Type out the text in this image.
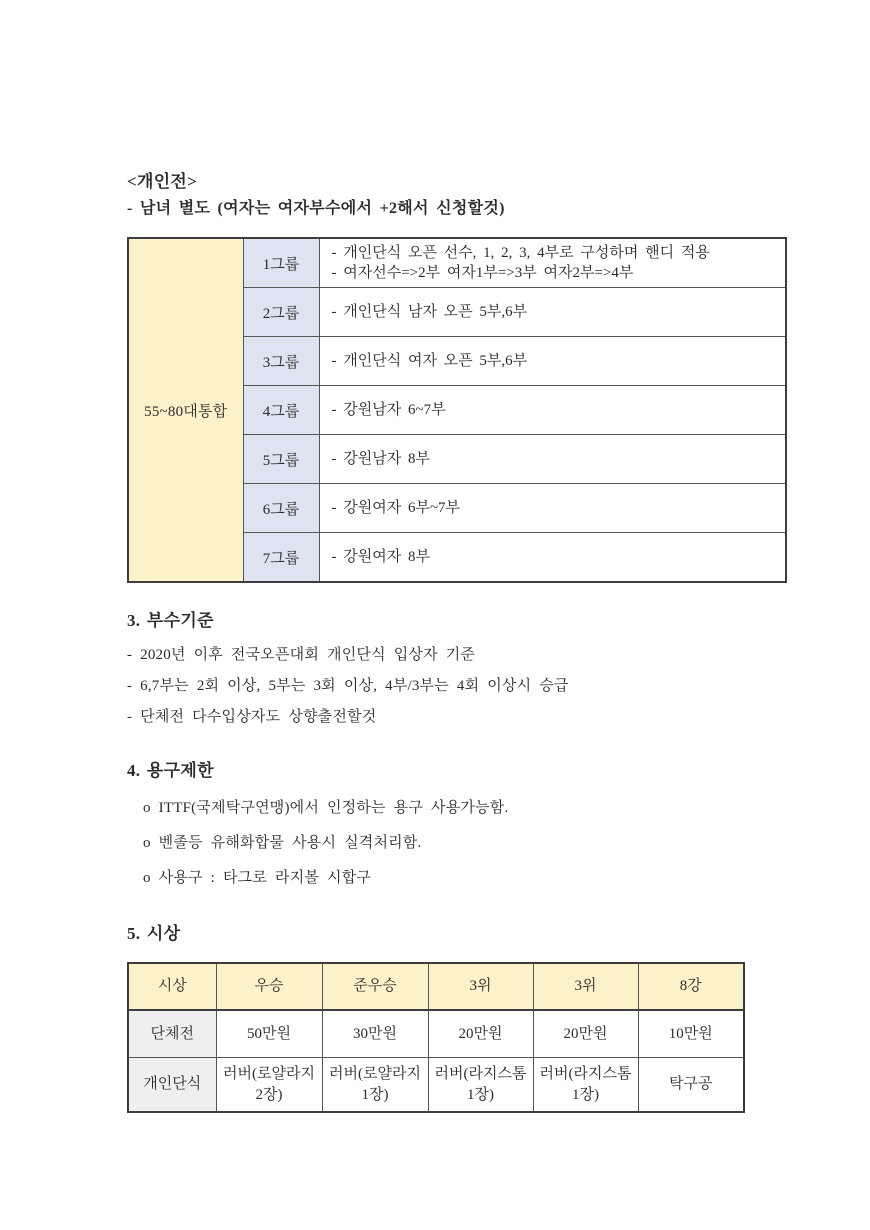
<개인전>
- 남녀 별도 (여자는 여자부수에서 +2해서 신청할것)
55~80대통합	1그룹	- 개인단식 오픈 선수, 1, 2, 3, 4부로 구성하며 핸디 적용
- 여자선수=>2부 여자1부=>3부 여자2부=>4부

	2그룹	- 개인단식 남자 오픈 5부,6부
	3그룹	- 개인단식 여자 오픈 5부,6부
	4그룹	- 강원남자 6~7부
	5그룹	- 강원남자 8부
	6그룹	- 강원여자 6부~7부
	7그룹	- 강원여자 8부
3. 부수기준
- 2020년 이후 전국오픈대회 개인단식 입상자 기준
- 6,7부는 2회 이상, 5부는 3회 이상, 4부/3부는 4회 이상시 승급
- 단체전 다수입상자도 상향출전할것
4. 용구제한
o ITTF(국제탁구연맹)에서 인정하는 용구 사용가능함.
o 벤졸등 유해화합물 사용시 실격처리함.
o 사용구 : 타그로 라지볼 시합구
5. 시상
시상	우승	준우승	3위	3위	8강
단체전	50만원	30만원	20만원	20만원	10만원
개인단식	러버(로얄라지2장)	러버(로얄라지1장)	러버(라지스톰1장)	러버(라지스톰1장)	탁구공
